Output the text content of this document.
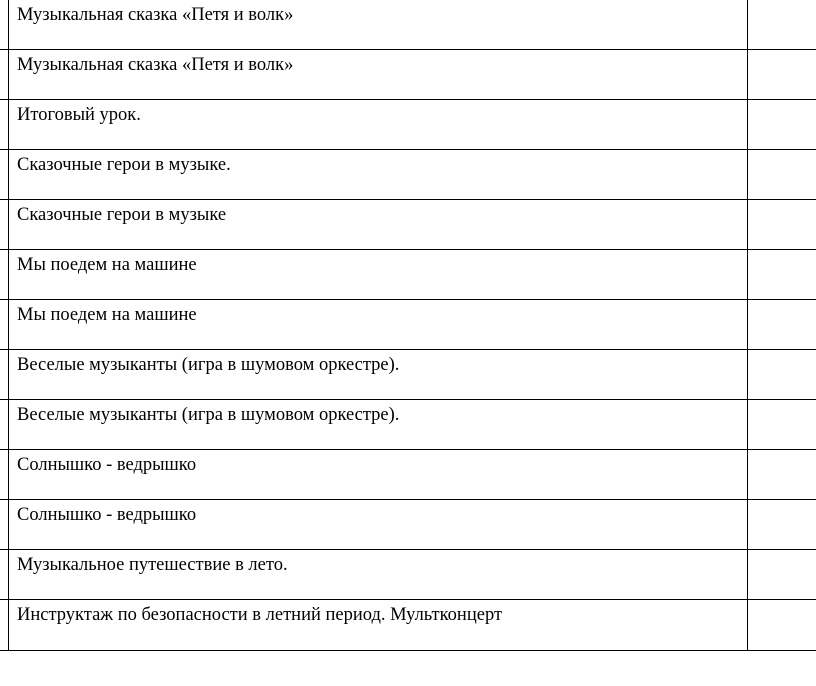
	Музыкальная сказка «Петя и волк»	
	Музыкальная сказка «Петя и волк»	
	Итоговый урок.	
	Сказочные герои в музыке.	
	Сказочные герои в музыке	
	Мы поедем на машине	
	Мы поедем на машине	
	Веселые музыканты (игра в шумовом оркестре).	
	Веселые музыканты (игра в шумовом оркестре).	
	Солнышко - ведрышко	
	Солнышко - ведрышко	
	Музыкальное путешествие в лето.	
	Инструктаж по безопасности в летний период. Мультконцерт	
